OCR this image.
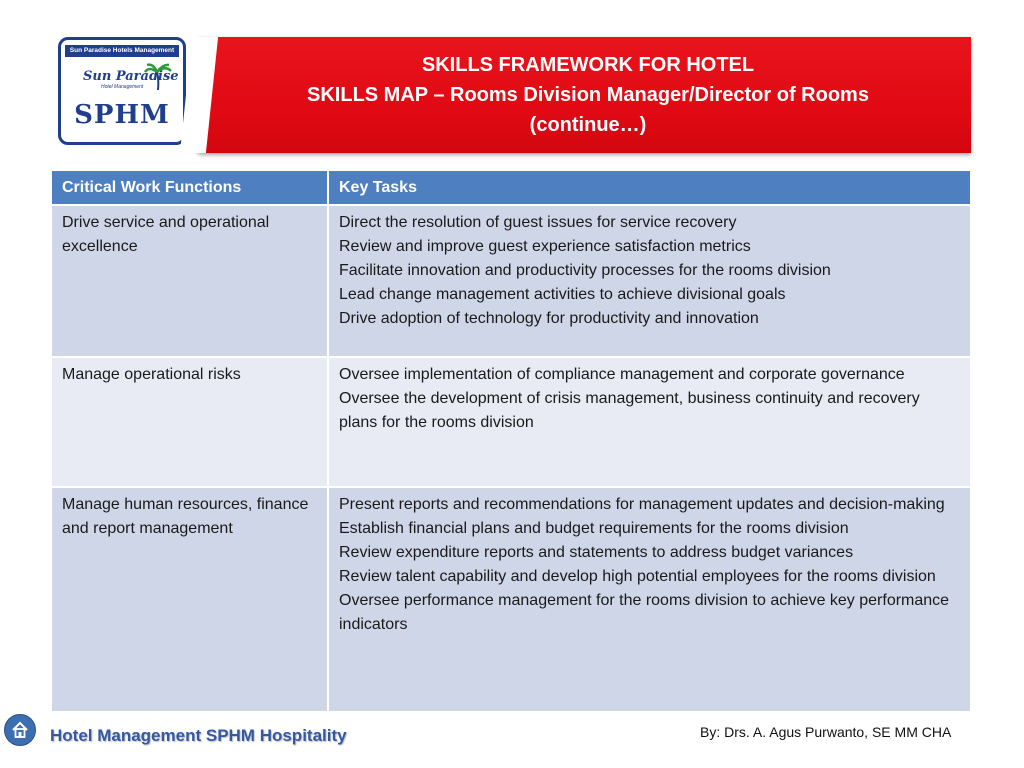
Sun Paradise Hotels Management
Sun Paradise
Hotel Management
SPHM
SKILLS FRAMEWORK FOR HOTEL
SKILLS MAP – Rooms Division Manager/Director of Rooms
(continue…)
Critical Work Functions	Key Tasks
Drive service and operational excellence	Direct the resolution of guest issues for service recovery
Review and improve guest experience satisfaction metrics
Facilitate innovation and productivity processes for the rooms division
Lead change management activities to achieve divisional goals
Drive adoption of technology for productivity and innovation

Manage operational risks	Oversee implementation of compliance management and corporate governance
Oversee the development of crisis management, business continuity and recovery plans for the rooms division

Manage human resources, finance and report management	Present reports and recommendations for management updates and decision-making
Establish financial plans and budget requirements for the rooms division
Review expenditure reports and statements to address budget variances
Review talent capability and develop high potential employees for the rooms division
Oversee performance management for the rooms division to achieve key performance indicators
Hotel Management SPHM Hospitality	By: Drs. A. Agus Purwanto, SE MM CHA
